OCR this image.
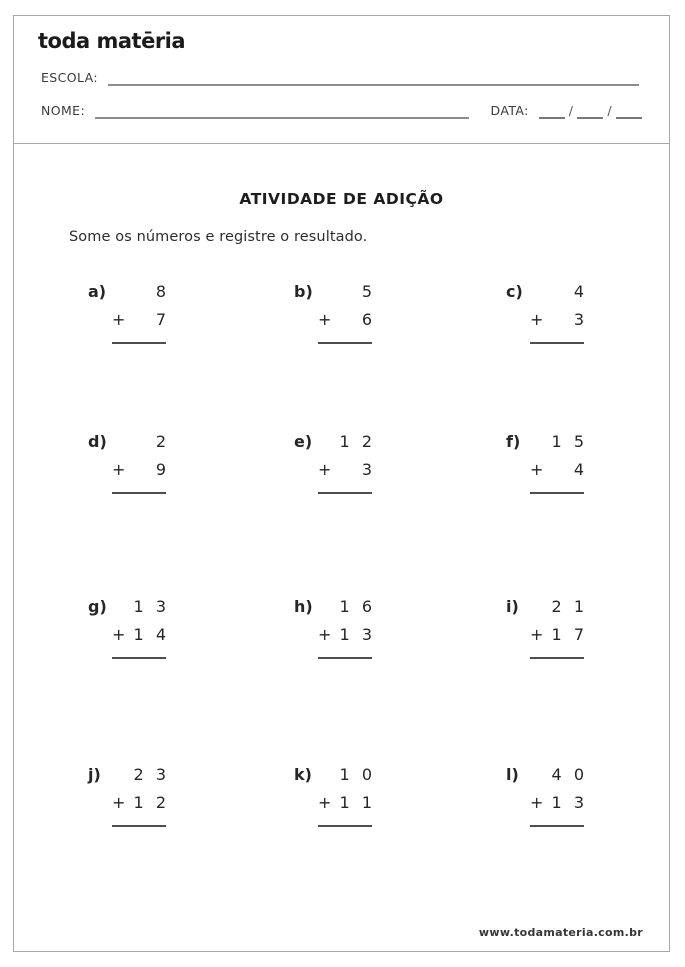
toda matēria
ESCOLA:
NOME:	DATA:	/	/
ATIVIDADE DE ADIÇÃO
Some os números e registre o resultado.
a)	8
+	7
b)	5
+	6
c)	4
+	3
d)	2
+	9
e)	1 2
+	3
f)	1 5
+	4
g)	1 3
+ 1 4
h)	1 6
+ 1 3
i)	2 1
+ 1 7
j)	2 3
+ 1 2
k)	1 0
+ 1 1
l)	4 0
+ 1 3
www.todamateria.com.br
